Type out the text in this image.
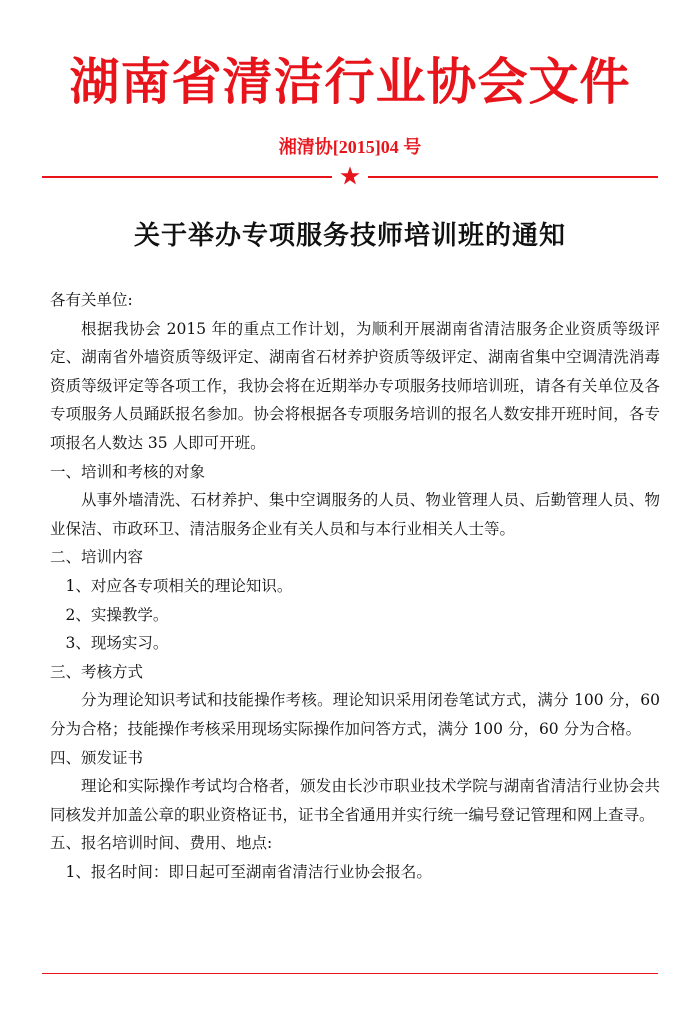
湖南省清洁行业协会文件
湘清协[2015]04 号
关于举办专项服务技师培训班的通知

各有关单位:

根据我协会 2015 年的重点工作计划，为顺利开展湖南省清洁服务企业资质等级评定、湖南省外墙资质等级评定、湖南省石材养护资质等级评定、湖南省集中空调清洗消毒资质等级评定等各项工作，我协会将在近期举办专项服务技师培训班，请各有关单位及各专项服务人员踊跃报名参加。协会将根据各专项服务培训的报名人数安排开班时间，各专项报名人数达 35 人即可开班。

一、培训和考核的对象

从事外墙清洗、石材养护、集中空调服务的人员、物业管理人员、后勤管理人员、物业保洁、市政环卫、清洁服务企业有关人员和与本行业相关人士等。

二、培训内容

1、对应各专项相关的理论知识。

2、实操教学。

3、现场实习。

三、考核方式

分为理论知识考试和技能操作考核。理论知识采用闭卷笔试方式，满分 100 分，60 分为合格；技能操作考核采用现场实际操作加问答方式，满分 100 分，60 分为合格。

四、颁发证书

理论和实际操作考试均合格者，颁发由长沙市职业技术学院与湖南省清洁行业协会共同核发并加盖公章的职业资格证书，证书全省通用并实行统一编号登记管理和网上查寻。

五、报名培训时间、费用、地点:

1、报名时间：即日起可至湖南省清洁行业协会报名。
